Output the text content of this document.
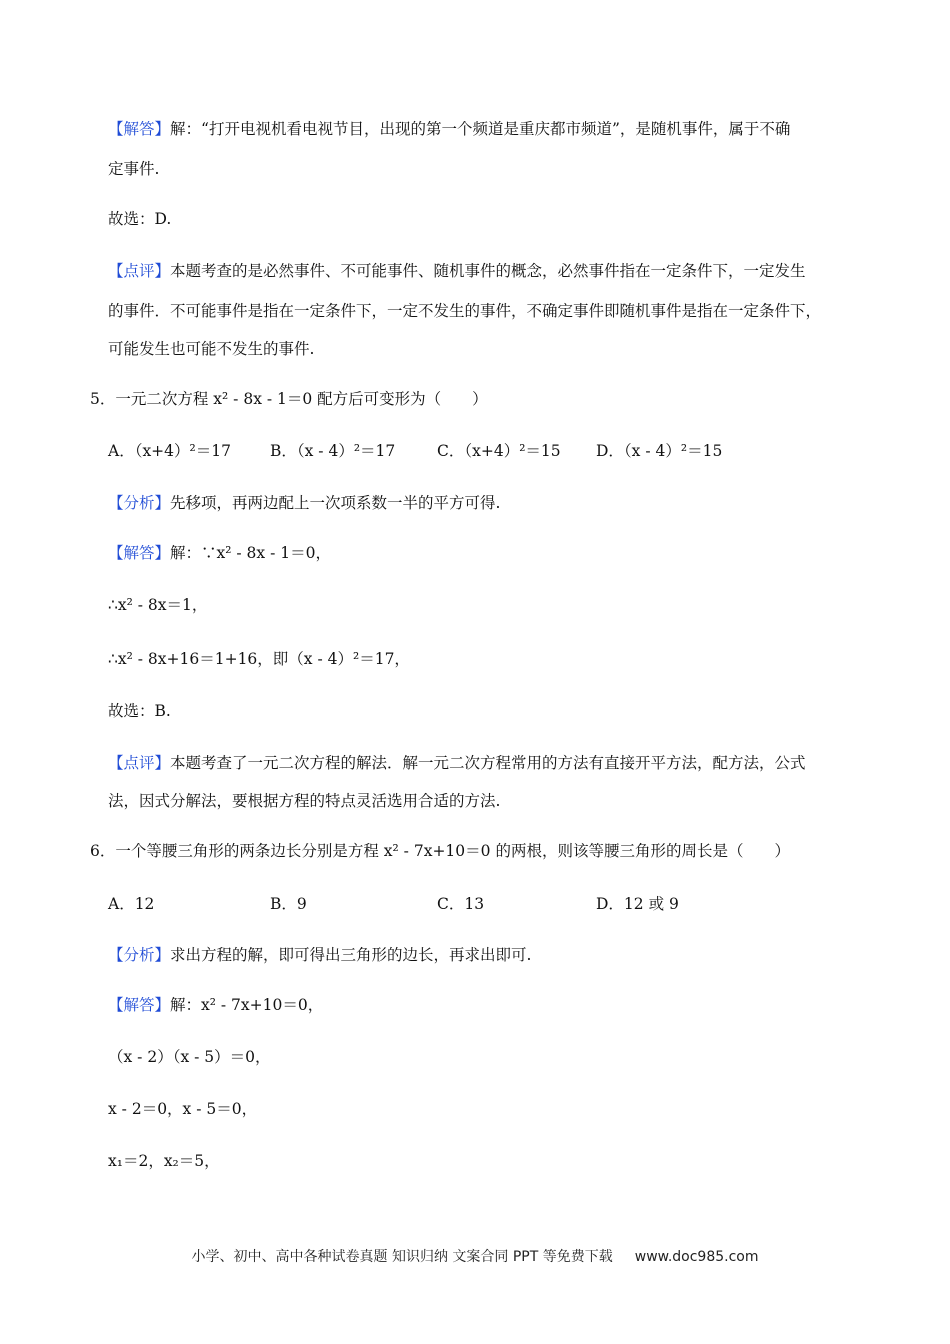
【解答】解：“打开电视机看电视节目，出现的第一个频道是重庆都市频道”，是随机事件，属于不确
定事件.
故选：D.
【点评】本题考查的是必然事件、不可能事件、随机事件的概念，必然事件指在一定条件下，一定发生
的事件．不可能事件是指在一定条件下，一定不发生的事件，不确定事件即随机事件是指在一定条件下，
可能发生也可能不发生的事件.
5．一元二次方程 x² ‐ 8x ‐ 1＝0 配方后可变形为（　　）
A．（x+4）²＝17	B．（x ‐ 4）²＝17	C．（x+4）²＝15 D．（x ‐ 4）²＝15
【分析】先移项，再两边配上一次项系数一半的平方可得.
【解答】解：∵x² ‐ 8x ‐ 1＝0，
∴x² ‐ 8x＝1，
∴x² ‐ 8x+16＝1+16，即（x ‐ 4）²＝17，
故选：B.
【点评】本题考查了一元二次方程的解法．解一元二次方程常用的方法有直接开平方法，配方法，公式
法，因式分解法，要根据方程的特点灵活选用合适的方法.
6．一个等腰三角形的两条边长分别是方程 x² ‐ 7x+10＝0 的两根，则该等腰三角形的周长是（　　）
A．12	B．9	C．13	D．12 或 9
【分析】求出方程的解，即可得出三角形的边长，再求出即可.
【解答】解：x² ‐ 7x+10＝0，
（x ‐ 2）（x ‐ 5）＝0，
x ‐ 2＝0，x ‐ 5＝0，
x₁＝2，x₂＝5，
小学、初中、高中各种试卷真题 知识归纳 文案合同 PPT 等免费下载 www.doc985.com
